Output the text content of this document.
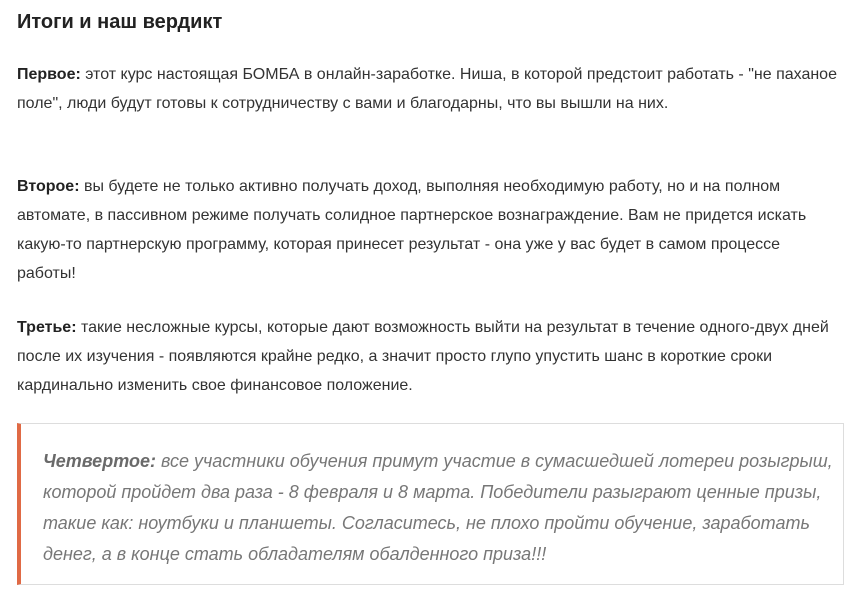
Итоги и наш вердикт

Первое: этот курс настоящая БОМБА в онлайн-заработке. Ниша, в которой предстоит работать - "не паханое поле", люди будут готовы к сотрудничеству с вами и благодарны, что вы вышли на них.

Второе: вы будете не только активно получать доход, выполняя необходимую работу, но и на полном автомате, в пассивном режиме получать солидное партнерское вознаграждение. Вам не придется искать какую-то партнерскую программу, которая принесет результат - она уже у вас будет в самом процессе работы!

Третье: такие несложные курсы, которые дают возможность выйти на результат в течение одного-двух дней после их изучения - появляются крайне редко, а значит просто глупо упустить шанс в короткие сроки кардинально изменить свое финансовое положение.

Четвертое: все участники обучения примут участие в сумасшедшей лотереи розыгрыш, которой пройдет два раза - 8 февраля и 8 марта. Победители разыграют ценные призы, такие как: ноутбуки и планшеты. Согласитесь, не плохо пройти обучение, заработать денег, а в конце стать обладателям обалденного приза!!!
